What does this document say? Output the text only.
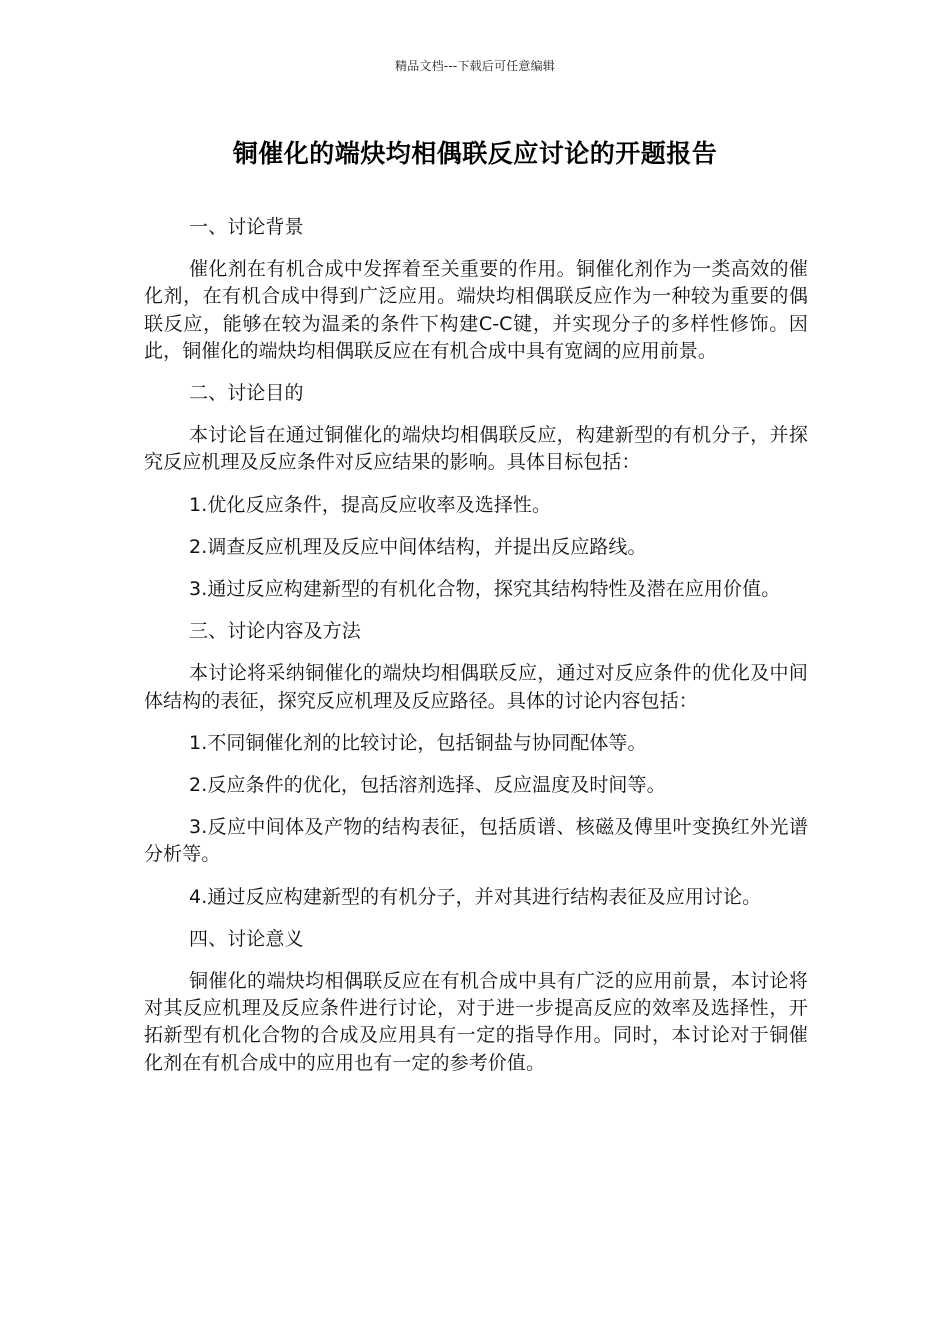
精品文档---下载后可任意编辑
铜催化的端炔均相偶联反应讨论的开题报告

一、讨论背景

催化剂在有机合成中发挥着至关重要的作用。铜催化剂作为一类高效的催化剂，在有机合成中得到广泛应用。端炔均相偶联反应作为一种较为重要的偶联反应，能够在较为温柔的条件下构建C-C键，并实现分子的多样性修饰。因此，铜催化的端炔均相偶联反应在有机合成中具有宽阔的应用前景。

二、讨论目的

本讨论旨在通过铜催化的端炔均相偶联反应，构建新型的有机分子，并探究反应机理及反应条件对反应结果的影响。具体目标包括：

1.优化反应条件，提高反应收率及选择性。

2.调查反应机理及反应中间体结构，并提出反应路线。

3.通过反应构建新型的有机化合物，探究其结构特性及潜在应用价值。

三、讨论内容及方法

本讨论将采纳铜催化的端炔均相偶联反应，通过对反应条件的优化及中间体结构的表征，探究反应机理及反应路径。具体的讨论内容包括：

1.不同铜催化剂的比较讨论，包括铜盐与协同配体等。

2.反应条件的优化，包括溶剂选择、反应温度及时间等。

3.反应中间体及产物的结构表征，包括质谱、核磁及傅里叶变换红外光谱分析等。

4.通过反应构建新型的有机分子，并对其进行结构表征及应用讨论。

四、讨论意义

铜催化的端炔均相偶联反应在有机合成中具有广泛的应用前景，本讨论将对其反应机理及反应条件进行讨论，对于进一步提高反应的效率及选择性，开拓新型有机化合物的合成及应用具有一定的指导作用。同时，本讨论对于铜催化剂在有机合成中的应用也有一定的参考价值。
